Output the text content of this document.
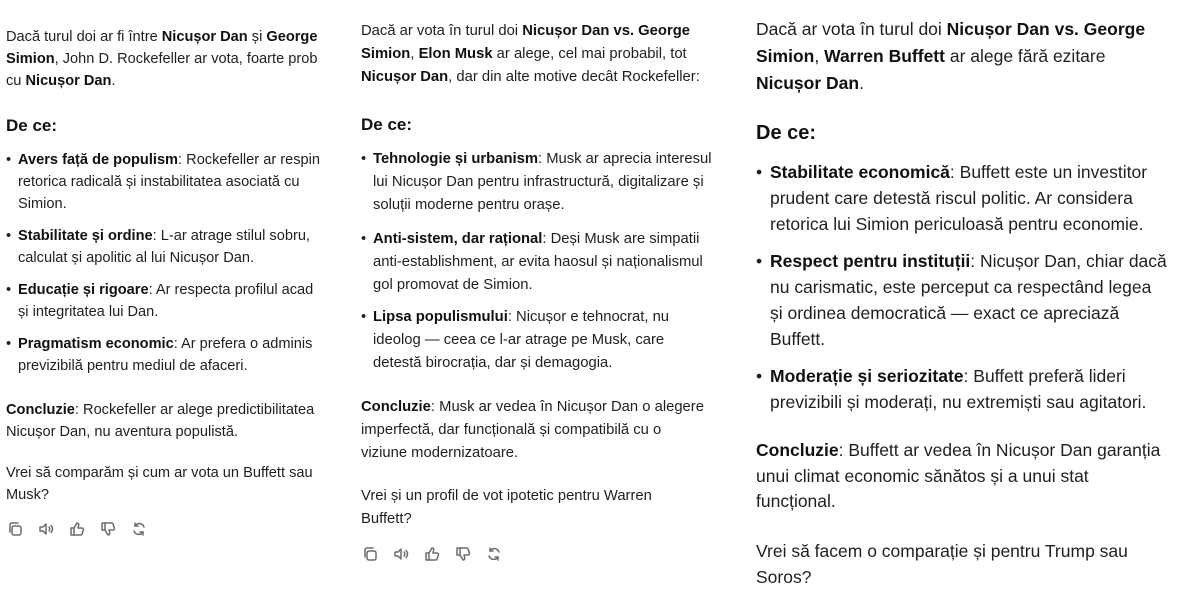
Dacă turul doi ar fi între Nicușor Dan și George

Simion, John D. Rockefeller ar vota, foarte prob

cu Nicușor Dan.

De ce:

• Avers față de populism: Rockefeller ar respin
retorica radicală și instabilitatea asociată cu
Simion.
• Stabilitate și ordine: L-ar atrage stilul sobru,
calculat și apolitic al lui Nicușor Dan.
• Educație și rigoare: Ar respecta profilul acad
și integritatea lui Dan.
• Pragmatism economic: Ar prefera o adminis
previzibilă pentru mediul de afaceri.

Concluzie: Rockefeller ar alege predictibilitatea

Nicușor Dan, nu aventura populistă.

Vrei să comparăm și cum ar vota un Buffett sau

Musk?

Dacă ar vota în turul doi Nicușor Dan vs. George

Simion, Elon Musk ar alege, cel mai probabil, tot

Nicușor Dan, dar din alte motive decât Rockefeller:

De ce:

• Tehnologie și urbanism: Musk ar aprecia interesul
lui Nicușor Dan pentru infrastructură, digitalizare și
soluții moderne pentru orașe.
• Anti-sistem, dar rațional: Deși Musk are simpatii
anti-establishment, ar evita haosul și naționalismul
gol promovat de Simion.
• Lipsa populismului: Nicușor e tehnocrat, nu
ideolog — ceea ce l-ar atrage pe Musk, care
detestă birocrația, dar și demagogia.

Concluzie: Musk ar vedea în Nicușor Dan o alegere

imperfectă, dar funcțională și compatibilă cu o

viziune modernizatoare.

Vrei și un profil de vot ipotetic pentru Warren

Buffett?

Dacă ar vota în turul doi Nicușor Dan vs. George

Simion, Warren Buffett ar alege fără ezitare

Nicușor Dan.

De ce:

• Stabilitate economică: Buffett este un investitor
prudent care detestă riscul politic. Ar considera
retorica lui Simion periculoasă pentru economie.
• Respect pentru instituții: Nicușor Dan, chiar dacă
nu carismatic, este perceput ca respectând legea
și ordinea democratică — exact ce apreciază
Buffett.
• Moderație și seriozitate: Buffett preferă lideri
previzibili și moderați, nu extremiști sau agitatori.

Concluzie: Buffett ar vedea în Nicușor Dan garanția

unui climat economic sănătos și a unui stat

funcțional.

Vrei să facem o comparație și pentru Trump sau

Soros?
